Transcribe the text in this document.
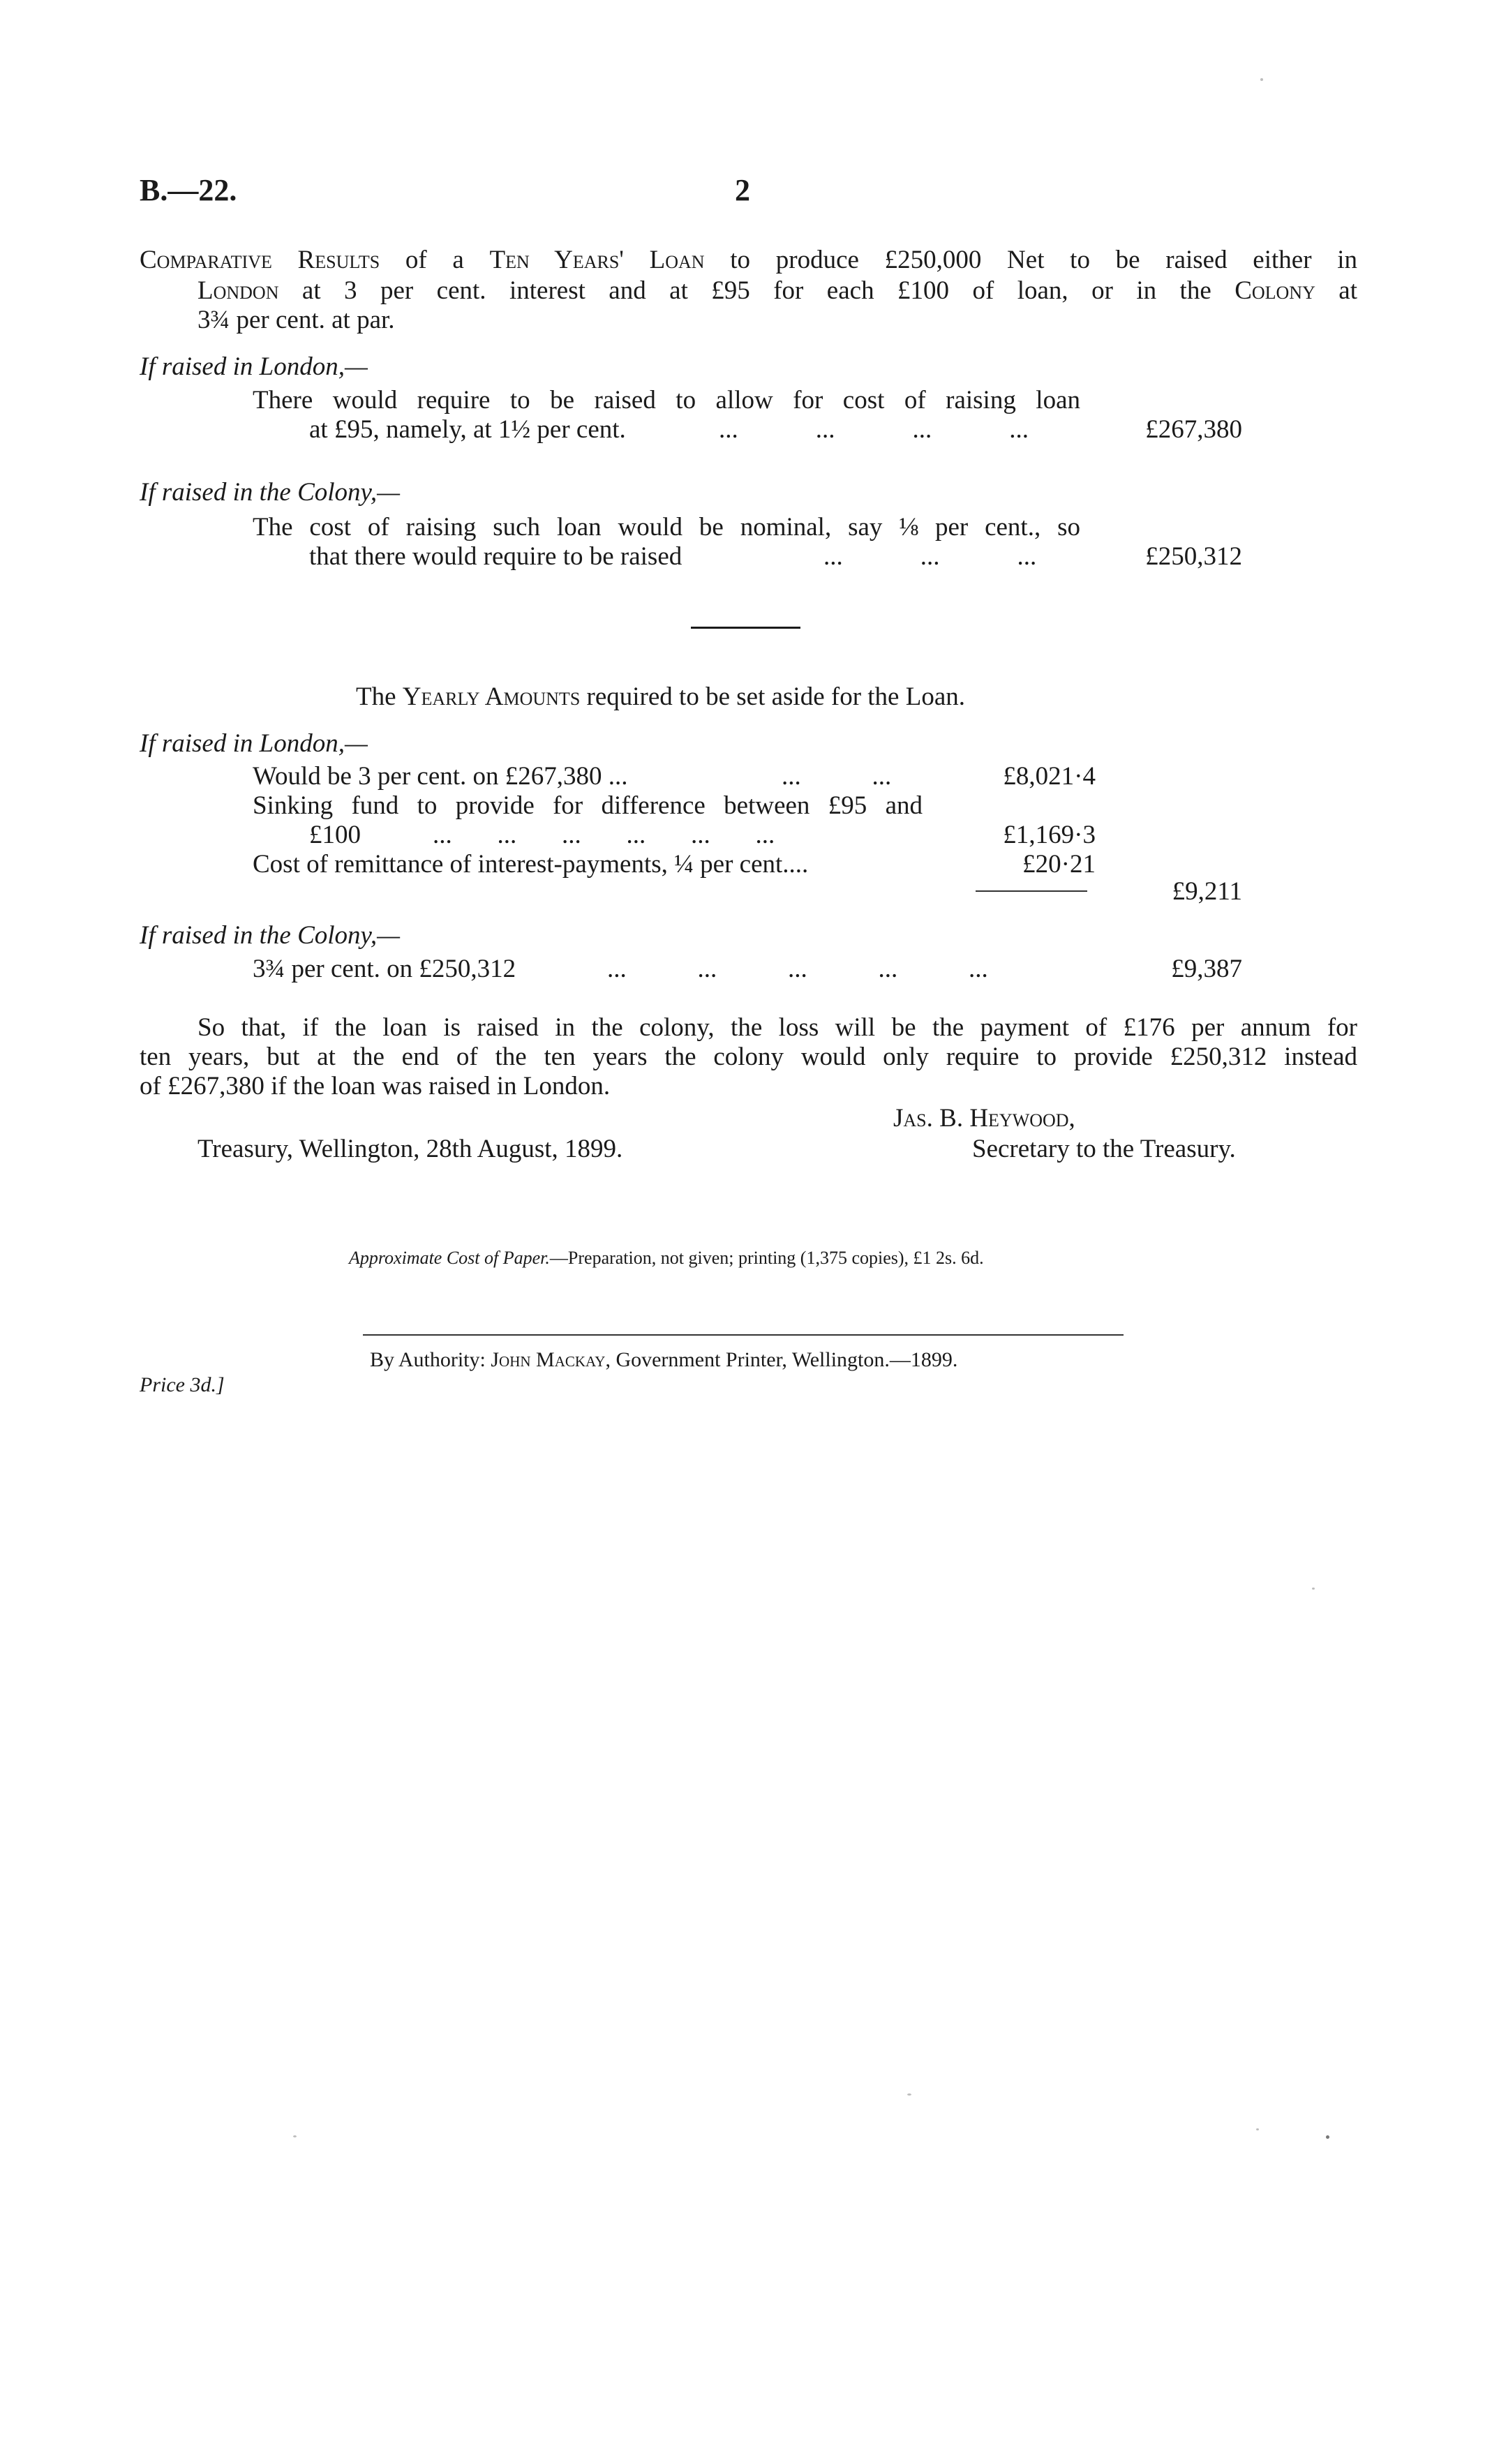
B.—22.	2
Comparative Results of a Ten Years' Loan to produce £250,000 Net to be raised either in
London at 3 per cent. interest and at £95 for each £100 of loan, or in the Colony at
3¾ per cent. at par.
If raised in London,—
There would require to be raised to allow for cost of raising loan
at £95, namely, at 1½ per cent.	...            ...            ...            ...	£267,380
If raised in the Colony,—
The cost of raising such loan would be nominal, say ⅛ per cent., so
that there would require to be raised	...            ...            ...	£250,312
The Yearly Amounts required to be set aside for the Loan.
If raised in London,—
Would be 3 per cent. on £267,380 ...	...           ...	£8,021·4
Sinking fund to provide for difference between £95 and
£100	...       ...       ...       ...       ...       ...	£1,169·3
Cost of remittance of interest-payments, ¼ per cent....	£20·21
£9,211
If raised in the Colony,—
3¾ per cent. on £250,312	...           ...           ...           ...           ...	£9,387
So that, if the loan is raised in the colony, the loss will be the payment of £176 per annum for
ten years, but at the end of the ten years the colony would only require to provide £250,312 instead
of £267,380 if the loan was raised in London.
Jas. B. Heywood,
Treasury, Wellington, 28th August, 1899.	Secretary to the Treasury.
Approximate Cost of Paper.—Preparation, not given; printing (1,375 copies), £1 2s. 6d.
By Authority: John Mackay, Government Printer, Wellington.—1899.
Price 3d.]
